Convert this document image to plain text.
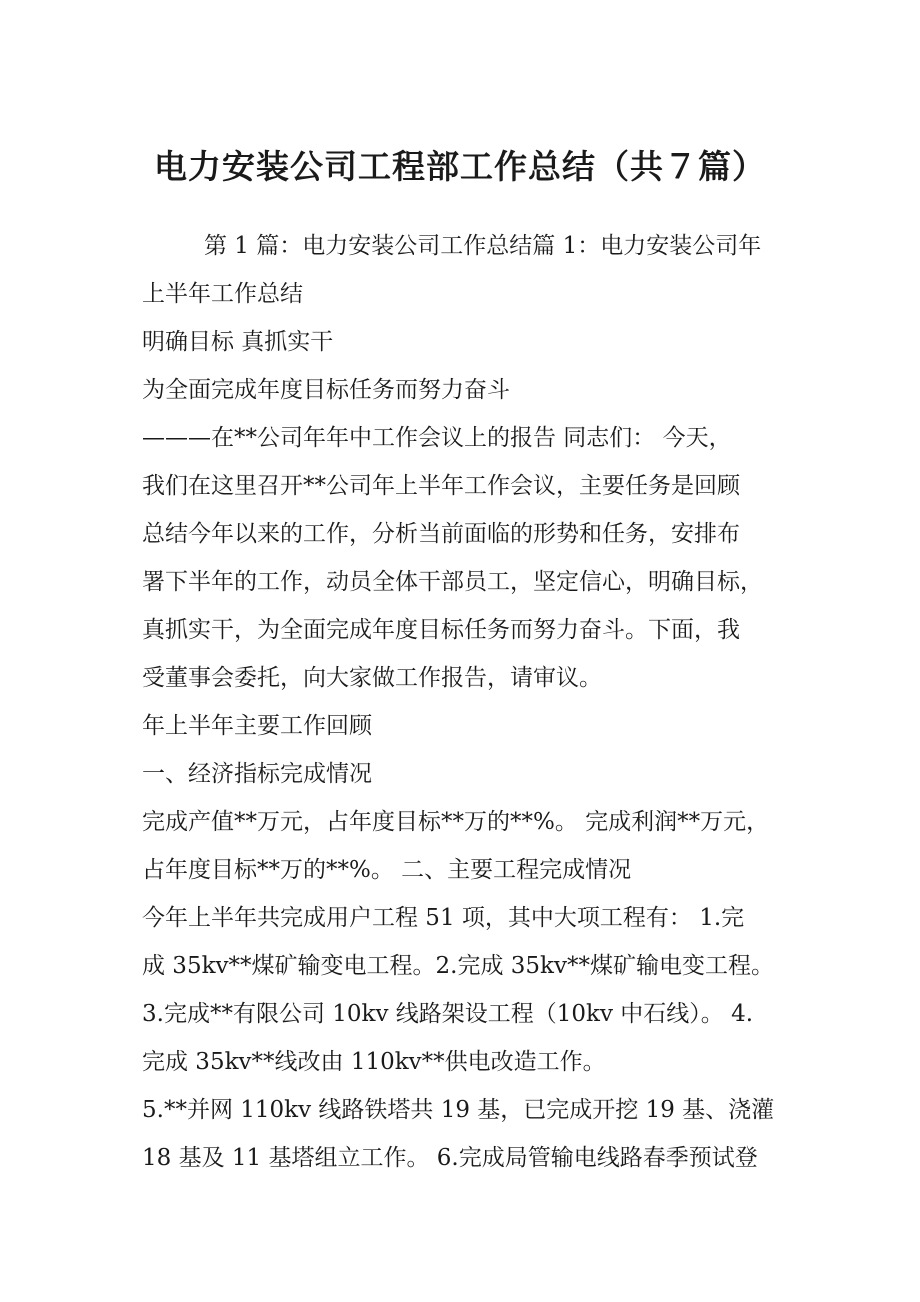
电力安装公司工程部工作总结（共７篇）

第 1 篇：电力安装公司工作总结篇 1：电力安装公司年

上半年工作总结

明确目标 真抓实干

为全面完成年度目标任务而努力奋斗

———在**公司年年中工作会议上的报告 同志们： 今天，

我们在这里召开**公司年上半年工作会议，主要任务是回顾

总结今年以来的工作，分析当前面临的形势和任务，安排布

署下半年的工作，动员全体干部员工，坚定信心，明确目标，

真抓实干，为全面完成年度目标任务而努力奋斗。下面，我

受董事会委托，向大家做工作报告，请审议。

年上半年主要工作回顾

一、经济指标完成情况

完成产值**万元，占年度目标**万的**%。 完成利润**万元，

占年度目标**万的**%。 二、主要工程完成情况

今年上半年共完成用户工程 51 项，其中大项工程有： 1.完

成 35kv**煤矿输变电工程。2.完成 35kv**煤矿输电变工程。

3.完成**有限公司 10kv 线路架设工程（10kv 中石线）。 4.

完成 35kv**线改由 110kv**供电改造工作。

5.**并网 110kv 线路铁塔共 19 基，已完成开挖 19 基、浇灌

18 基及 11 基塔组立工作。 6.完成局管输电线路春季预试登
